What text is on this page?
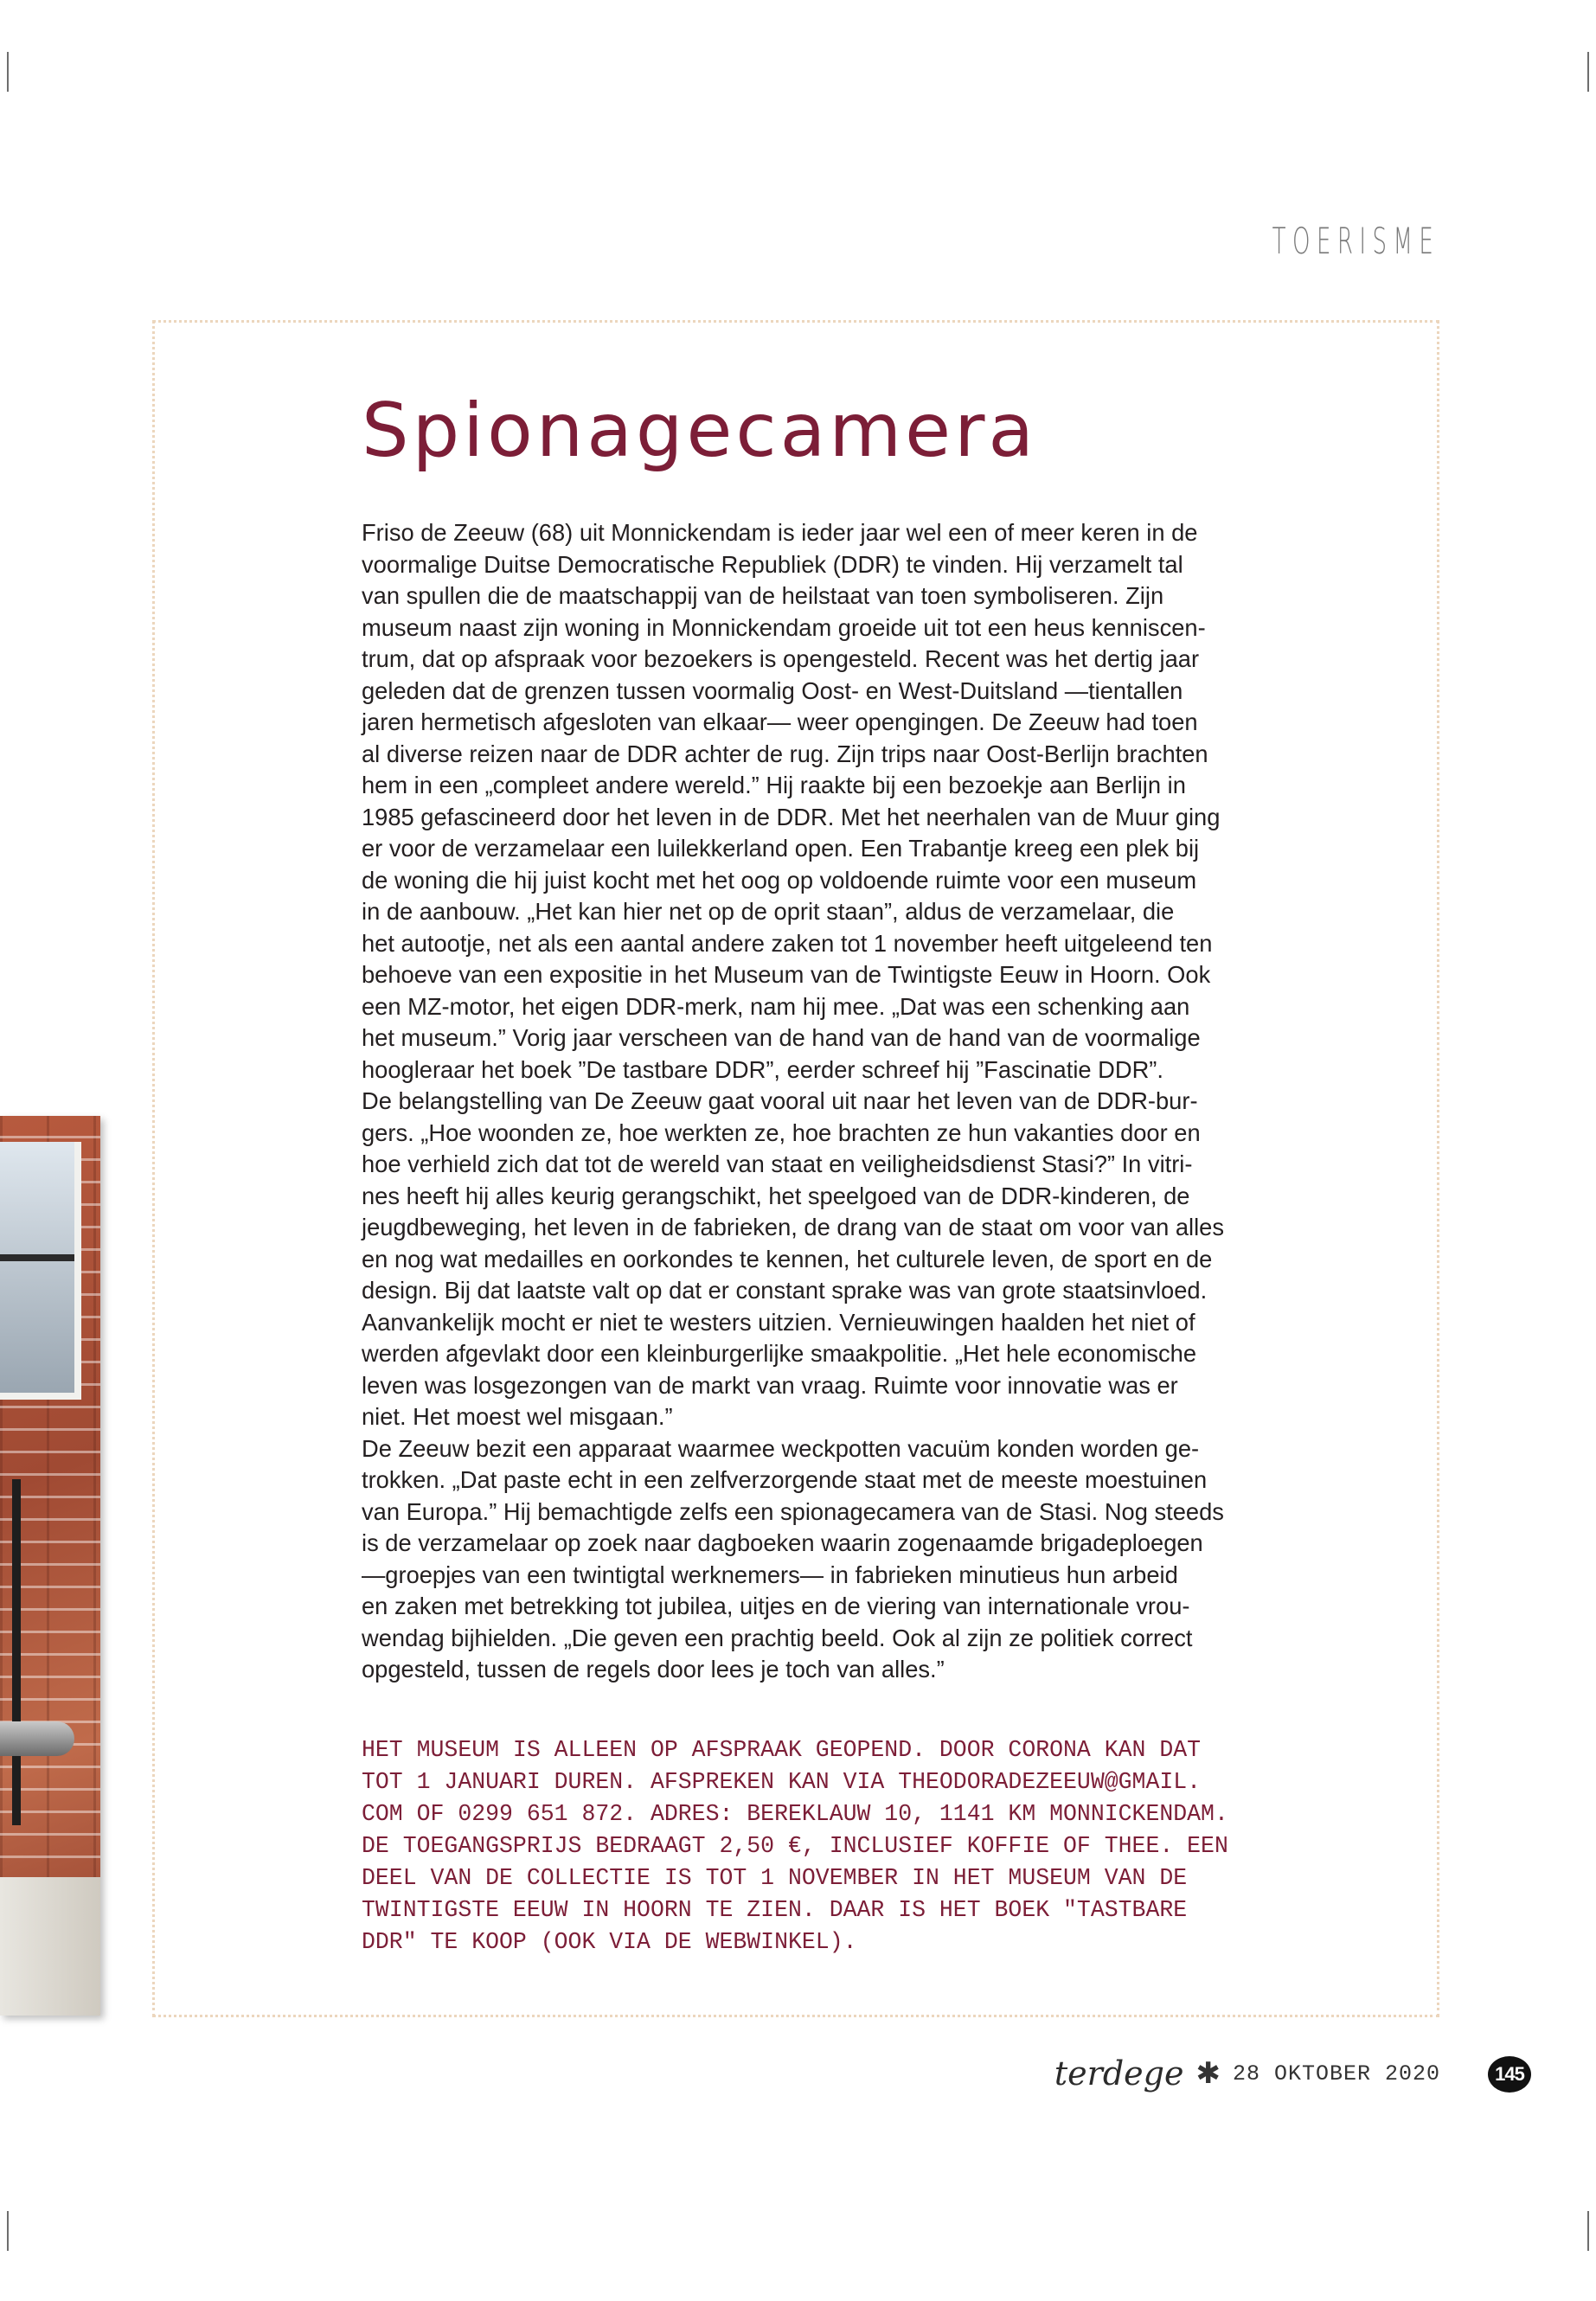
TOERISME
Spionagecamera

Friso de Zeeuw (68) uit Monnickendam is ieder jaar wel een of meer keren in de
voormalige Duitse Democratische Republiek (DDR) te vinden. Hij verzamelt tal
van spullen die de maatschappij van de heilstaat van toen symboliseren. Zijn
museum naast zijn woning in Monnickendam groeide uit tot een heus kenniscen-
trum, dat op afspraak voor bezoekers is opengesteld. Recent was het dertig jaar
geleden dat de grenzen tussen voormalig Oost- en West-Duitsland —tientallen
jaren hermetisch afgesloten van elkaar— weer opengingen. De Zeeuw had toen
al diverse reizen naar de DDR achter de rug. Zijn trips naar Oost-Berlijn brachten
hem in een „compleet andere wereld.” Hij raakte bij een bezoekje aan Berlijn in
1985 gefascineerd door het leven in de DDR. Met het neerhalen van de Muur ging
er voor de verzamelaar een luilekkerland open. Een Trabantje kreeg een plek bij
de woning die hij juist kocht met het oog op voldoende ruimte voor een museum
in de aanbouw. „Het kan hier net op de oprit staan”, aldus de verzamelaar, die
het autootje, net als een aantal andere zaken tot 1 november heeft uitgeleend ten
behoeve van een expositie in het Museum van de Twintigste Eeuw in Hoorn. Ook
een MZ-motor, het eigen DDR-merk, nam hij mee. „Dat was een schenking aan
het museum.” Vorig jaar verscheen van de hand van de hand van de voormalige
hoogleraar het boek ”De tastbare DDR”, eerder schreef hij ”Fascinatie DDR”.

De belangstelling van De Zeeuw gaat vooral uit naar het leven van de DDR-bur-
gers. „Hoe woonden ze, hoe werkten ze, hoe brachten ze hun vakanties door en
hoe verhield zich dat tot de wereld van staat en veiligheidsdienst Stasi?” In vitri-
nes heeft hij alles keurig gerangschikt, het speelgoed van de DDR-kinderen, de
jeugdbeweging, het leven in de fabrieken, de drang van de staat om voor van alles
en nog wat medailles en oorkondes te kennen, het culturele leven, de sport en de
design. Bij dat laatste valt op dat er constant sprake was van grote staatsinvloed.
Aanvankelijk mocht er niet te westers uitzien. Vernieuwingen haalden het niet of
werden afgevlakt door een kleinburgerlijke smaakpolitie. „Het hele economische
leven was losgezongen van de markt van vraag. Ruimte voor innovatie was er
niet. Het moest wel misgaan.”

De Zeeuw bezit een apparaat waarmee weckpotten vacuüm konden worden ge-
trokken. „Dat paste echt in een zelfverzorgende staat met de meeste moestuinen
van Europa.” Hij bemachtigde zelfs een spionagecamera van de Stasi. Nog steeds
is de verzamelaar op zoek naar dagboeken waarin zogenaamde brigadeploegen
—groepjes van een twintigtal werknemers— in fabrieken minutieus hun arbeid
en zaken met betrekking tot jubilea, uitjes en de viering van internationale vrou-
wendag bijhielden. „Die geven een prachtig beeld. Ook al zijn ze politiek correct
opgesteld, tussen de regels door lees je toch van alles.”

HET MUSEUM IS ALLEEN OP AFSPRAAK GEOPEND. DOOR CORONA KAN DAT
TOT 1 JANUARI DUREN. AFSPREKEN KAN VIA THEODORADEZEEUW@GMAIL.
COM OF 0299 651 872. ADRES: BEREKLAUW 10, 1141 KM MONNICKENDAM.
DE TOEGANGSPRIJS BEDRAAGT 2,50 €, INCLUSIEF KOFFIE OF THEE. EEN
DEEL VAN DE COLLECTIE IS TOT 1 NOVEMBER IN HET MUSEUM VAN DE
TWINTIGSTE EEUW IN HOORN TE ZIEN. DAAR IS HET BOEK "TASTBARE
DDR" TE KOOP (OOK VIA DE WEBWINKEL).

terdege ✱ 28 OKTOBER 2020	145
